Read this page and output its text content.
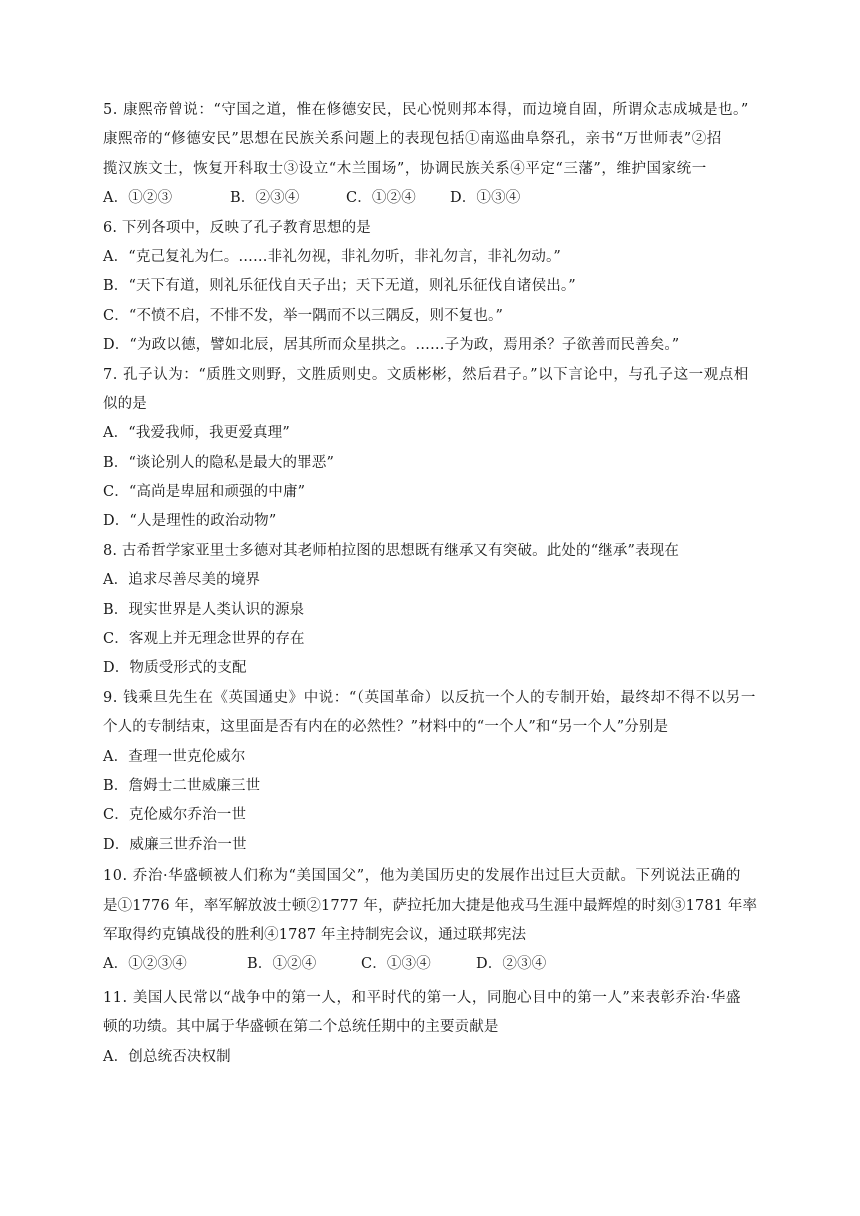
5. 康熙帝曾说：“守国之道，惟在修德安民，民心悦则邦本得，而边境自固，所谓众志成城是也。”
康熙帝的“修德安民”思想在民族关系问题上的表现包括①南巡曲阜祭孔，亲书“万世师表”②招
揽汉族文士，恢复开科取士③设立“木兰围场”，协调民族关系④平定“三藩”，维护国家统一
A．①②③	B．②③④	C．①②④	D．①③④
6. 下列各项中，反映了孔子教育思想的是
A．“克己复礼为仁。……非礼勿视，非礼勿听，非礼勿言，非礼勿动。”
B．“天下有道，则礼乐征伐自天子出；天下无道，则礼乐征伐自诸侯出。”
C．“不愤不启，不悱不发，举一隅而不以三隅反，则不复也。”
D．“为政以德，譬如北辰，居其所而众星拱之。……子为政，焉用杀？子欲善而民善矣。”
7. 孔子认为：“质胜文则野，文胜质则史。文质彬彬，然后君子。”以下言论中，与孔子这一观点相
似的是
A．“我爱我师，我更爱真理”
B．“谈论别人的隐私是最大的罪恶”
C．“高尚是卑屈和顽强的中庸”
D．“人是理性的政治动物”
8. 古希哲学家亚里士多德对其老师柏拉图的思想既有继承又有突破。此处的“继承”表现在
A．追求尽善尽美的境界
B．现实世界是人类认识的源泉
C．客观上并无理念世界的存在
D．物质受形式的支配
9. 钱乘旦先生在《英国通史》中说：“（英国革命）以反抗一个人的专制开始，最终却不得不以另一
个人的专制结束，这里面是否有内在的必然性？”材料中的“一个人”和“另一个人”分别是
A．查理一世克伦威尔
B．詹姆士二世威廉三世
C．克伦威尔乔治一世
D．威廉三世乔治一世
10. 乔治·华盛顿被人们称为“美国国父”，他为美国历史的发展作出过巨大贡献。下列说法正确的
是①1776 年，率军解放波士顿②1777 年，萨拉托加大捷是他戎马生涯中最辉煌的时刻③1781 年率
军取得约克镇战役的胜利④1787 年主持制宪会议，通过联邦宪法
A．①②③④	B．①②④	C．①③④	D．②③④
11. 美国人民常以“战争中的第一人，和平时代的第一人，同胞心目中的第一人”来表彰乔治·华盛
顿的功绩。其中属于华盛顿在第二个总统任期中的主要贡献是
A．创总统否决权制
